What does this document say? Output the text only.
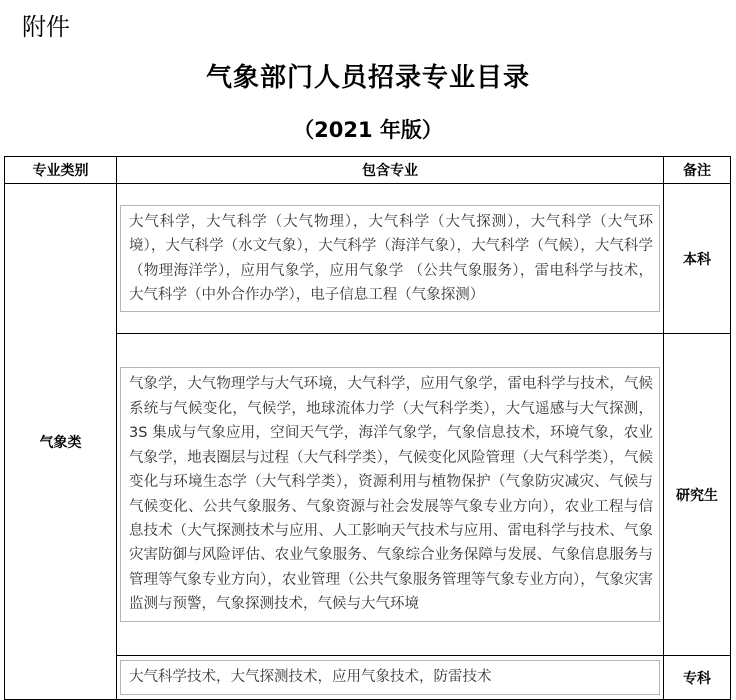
附件
气象部门人员招录专业目录
（2021 年版）
专业类别	包含专业	备注
气象类	大气科学，大气科学（大气物理），大气科学（大气探测），大气科学（大气环境），大气科学（水文气象），大气科学（海洋气象），大气科学（气候），大气科学（物理海洋学），应用气象学，应用气象学 （公共气象服务），雷电科学与技术，大气科学（中外合作办学），电子信息工程（气象探测）	本科

	气象学，大气物理学与大气环境，大气科学，应用气象学，雷电科学与技术，气候系统与气候变化，气候学，地球流体力学（大气科学类），大气遥感与大气探测，3S 集成与气象应用，空间天气学，海洋气象学，气象信息技术，环境气象，农业气象学，地表圈层与过程（大气科学类），气候变化风险管理（大气科学类），气候变化与环境生态学（大气科学类），资源利用与植物保护（气象防灾减灾、气候与气候变化、公共气象服务、气象资源与社会发展等气象专业方向），农业工程与信息技术（大气探测技术与应用、人工影响天气技术与应用、雷电科学与技术、气象灾害防御与风险评估、农业气象服务、气象综合业务保障与发展、气象信息服务与管理等气象专业方向），农业管理（公共气象服务管理等气象专业方向），气象灾害监测与预警，气象探测技术，气候与大气环境	研究生

	大气科学技术，大气探测技术，应用气象技术，防雷技术	专科
